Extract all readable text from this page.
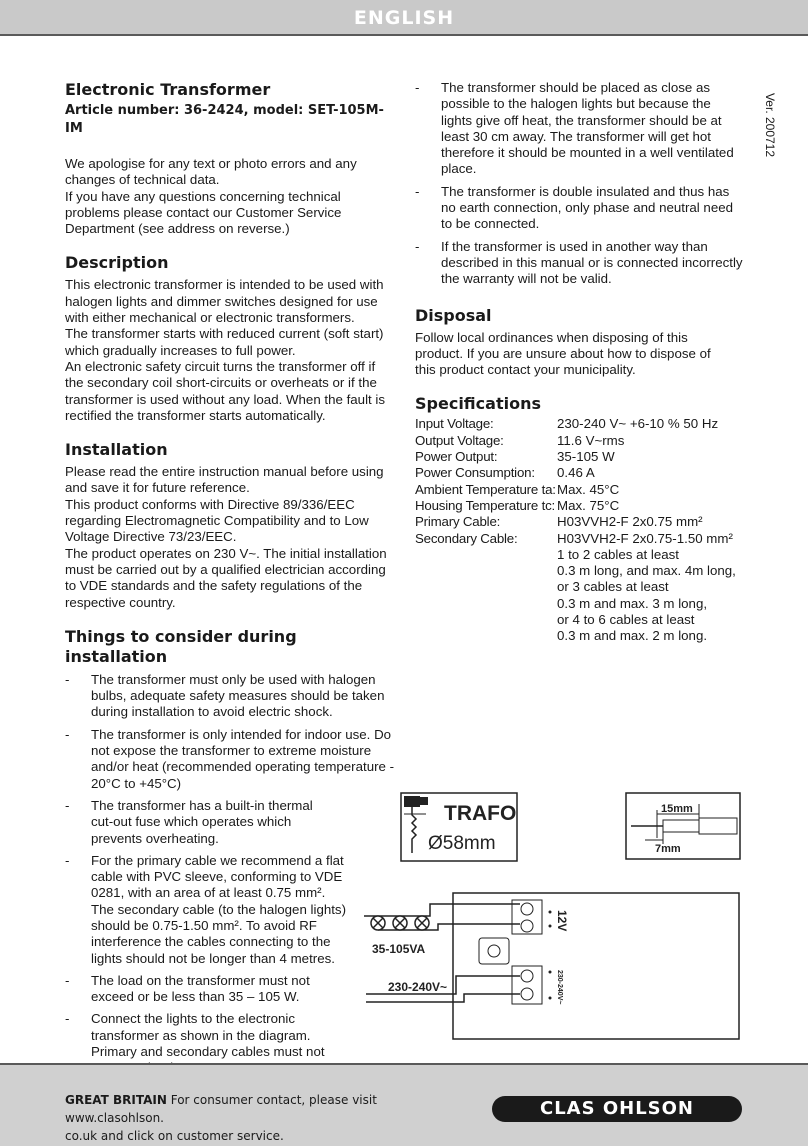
ENGLISH
Ver. 200712
Electronic Transformer
Article number: 36-2424, model: SET-105M-IM

We apologise for any text or photo errors and any changes of technical data.

If you have any questions concerning technical problems please contact our Customer Service Department (see address on reverse.)

Description

This electronic transformer is intended to be used with halogen lights and dimmer switches designed for use with either mechanical or electronic transformers.

The transformer starts with reduced current (soft start) which gradually increases to full power.

An electronic safety circuit turns the transformer off if the secondary coil short-circuits or overheats or if the transformer is used without any load. When the fault is rectified the transformer starts automatically.

Installation

Please read the entire instruction manual before using and save it for future reference.

This product conforms with Directive 89/336/EEC regarding Electromagnetic Compatibility and to Low Voltage Directive 73/23/EEC.

The product operates on 230 V~. The initial installation must be carried out by a qualified electrician according to VDE standards and the safety regulations of the respective country.

Things to consider during installation
-	The transformer must only be used with halogen bulbs, adequate safety measures should be taken during installation to avoid electric shock.
-	The transformer is only intended for indoor use. Do not expose the transformer to extreme moisture and/or heat (recommended operating temperature - 20°C to +45°C)
-	The transformer has a built-in thermal cut-out fuse which operates which prevents overheating.
-	For the primary cable we recommend a flat cable with PVC sleeve, conforming to VDE 0281, with an area of at least 0.75 mm². The secondary cable (to the halogen lights) should be 0.75-1.50 mm². To avoid RF interference the cables connecting to the lights should not be longer than 4 metres.
-	The load on the transformer must not exceed or be less than 35 – 105 W.
-	Connect the lights to the electronic transformer as shown in the diagram. Primary and secondary cables must not
-	The transformer should be placed as close as possible to the halogen lights but because the lights give off heat, the transformer should be at least 30 cm away. The transformer will get hot therefore it should be mounted in a well ventilated place.
-	The transformer is double insulated and thus has no earth connection, only phase and neutral need to be connected.
-	If the transformer is used in another way than described in this manual or is connected incorrectly the warranty will not be valid.
Disposal

Follow local ordinances when disposing of this product. If you are unsure about how to dispose of this product contact your municipality.

Specifications
Input Voltage:	230-240 V~ +6-10 % 50 Hz
Output Voltage:	11.6 V~rms
Power Output:	35-105 W
Power Consumption:	0.46 A
Ambient Temperature ta:	Max. 45°C
Housing Temperature tc:	Max. 75°C
Primary Cable:	H03VVH2-F 2x0.75 mm²
Secondary Cable:	H03VVH2-F 2x0.75-1.50 mm²
	1 to 2 cables at least
	0.3 m long, and max. 4m long,
	or 3 cables at least
	0.3 m and max. 3 m long,
	or 4 to 6 cables at least
	0.3 m and max. 2 m long.
TRAFO
Ø58mm
15mm
7mm
12V
230-240V~
35-105VA
230-240V~
GREAT BRITAIN For consumer contact, please visit www.clasohlson.
co.uk and click on customer service.
CLAS OHLSON
